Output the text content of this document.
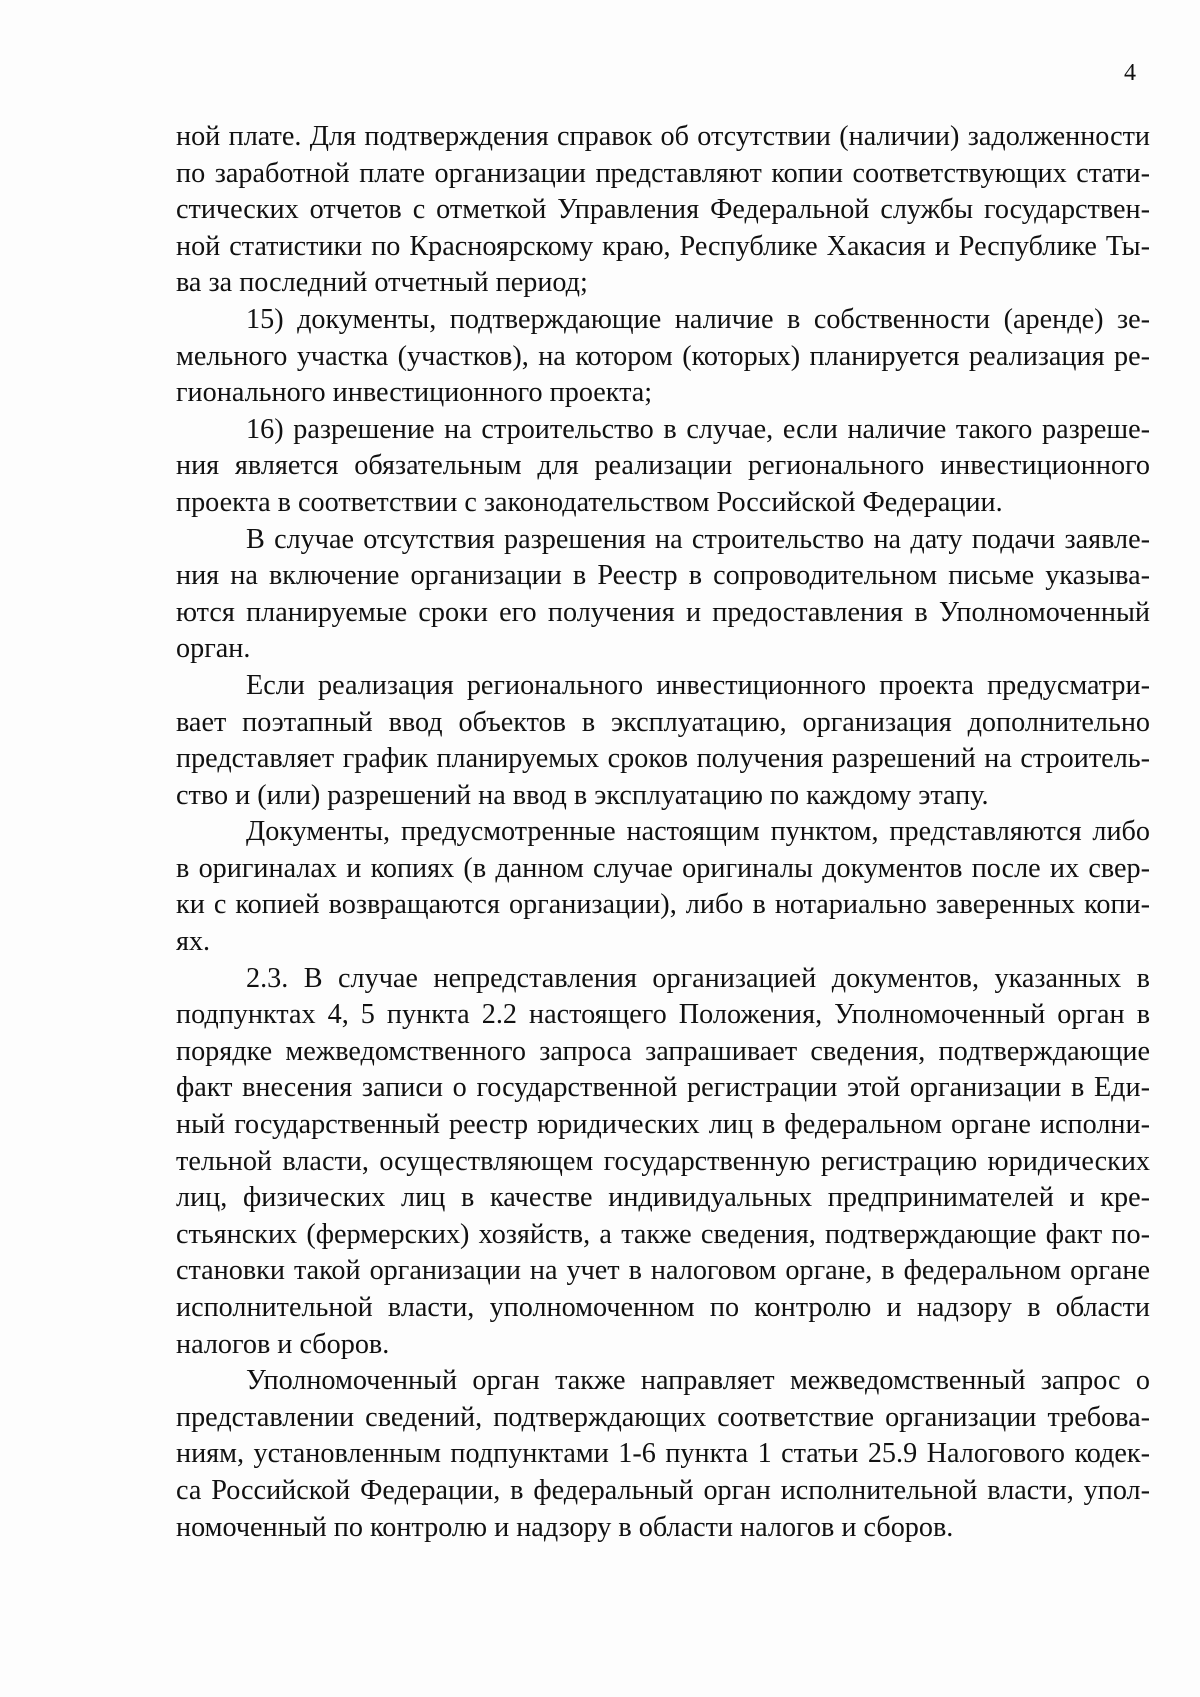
4

ной плате. Для подтверждения справок об отсутствии (наличии) задолженности
по заработной плате организации представляют копии соответствующих стати-
стических отчетов с отметкой Управления Федеральной службы государствен-
ной статистики по Красноярскому краю, Республике Хакасия и Республике Ты-
ва за последний отчетный период;

15) документы, подтверждающие наличие в собственности (аренде) зе-
мельного участка (участков), на котором (которых) планируется реализация ре-
гионального инвестиционного проекта;

16) разрешение на строительство в случае, если наличие такого разреше-
ния является обязательным для реализации регионального инвестиционного
проекта в соответствии с законодательством Российской Федерации.

В случае отсутствия разрешения на строительство на дату подачи заявле-
ния на включение организации в Реестр в сопроводительном письме указыва-
ются планируемые сроки его получения и предоставления в Уполномоченный
орган.

Если реализация регионального инвестиционного проекта предусматри-
вает поэтапный ввод объектов в эксплуатацию, организация дополнительно
представляет график планируемых сроков получения разрешений на строитель-
ство и (или) разрешений на ввод в эксплуатацию по каждому этапу.

Документы, предусмотренные настоящим пунктом, представляются либо
в оригиналах и копиях (в данном случае оригиналы документов после их свер-
ки с копией возвращаются организации), либо в нотариально заверенных копи-
ях.

2.3. В случае непредставления организацией документов, указанных в
подпунктах 4, 5 пункта 2.2 настоящего Положения, Уполномоченный орган в
порядке межведомственного запроса запрашивает сведения, подтверждающие
факт внесения записи о государственной регистрации этой организации в Еди-
ный государственный реестр юридических лиц в федеральном органе исполни-
тельной власти, осуществляющем государственную регистрацию юридических
лиц, физических лиц в качестве индивидуальных предпринимателей и кре-
стьянских (фермерских) хозяйств, а также сведения, подтверждающие факт по-
становки такой организации на учет в налоговом органе, в федеральном органе
исполнительной власти, уполномоченном по контролю и надзору в области
налогов и сборов.

Уполномоченный орган также направляет межведомственный запрос о
представлении сведений, подтверждающих соответствие организации требова-
ниям, установленным подпунктами 1-6 пункта 1 статьи 25.9 Налогового кодек-
са Российской Федерации, в федеральный орган исполнительной власти, упол-
номоченный по контролю и надзору в области налогов и сборов.
